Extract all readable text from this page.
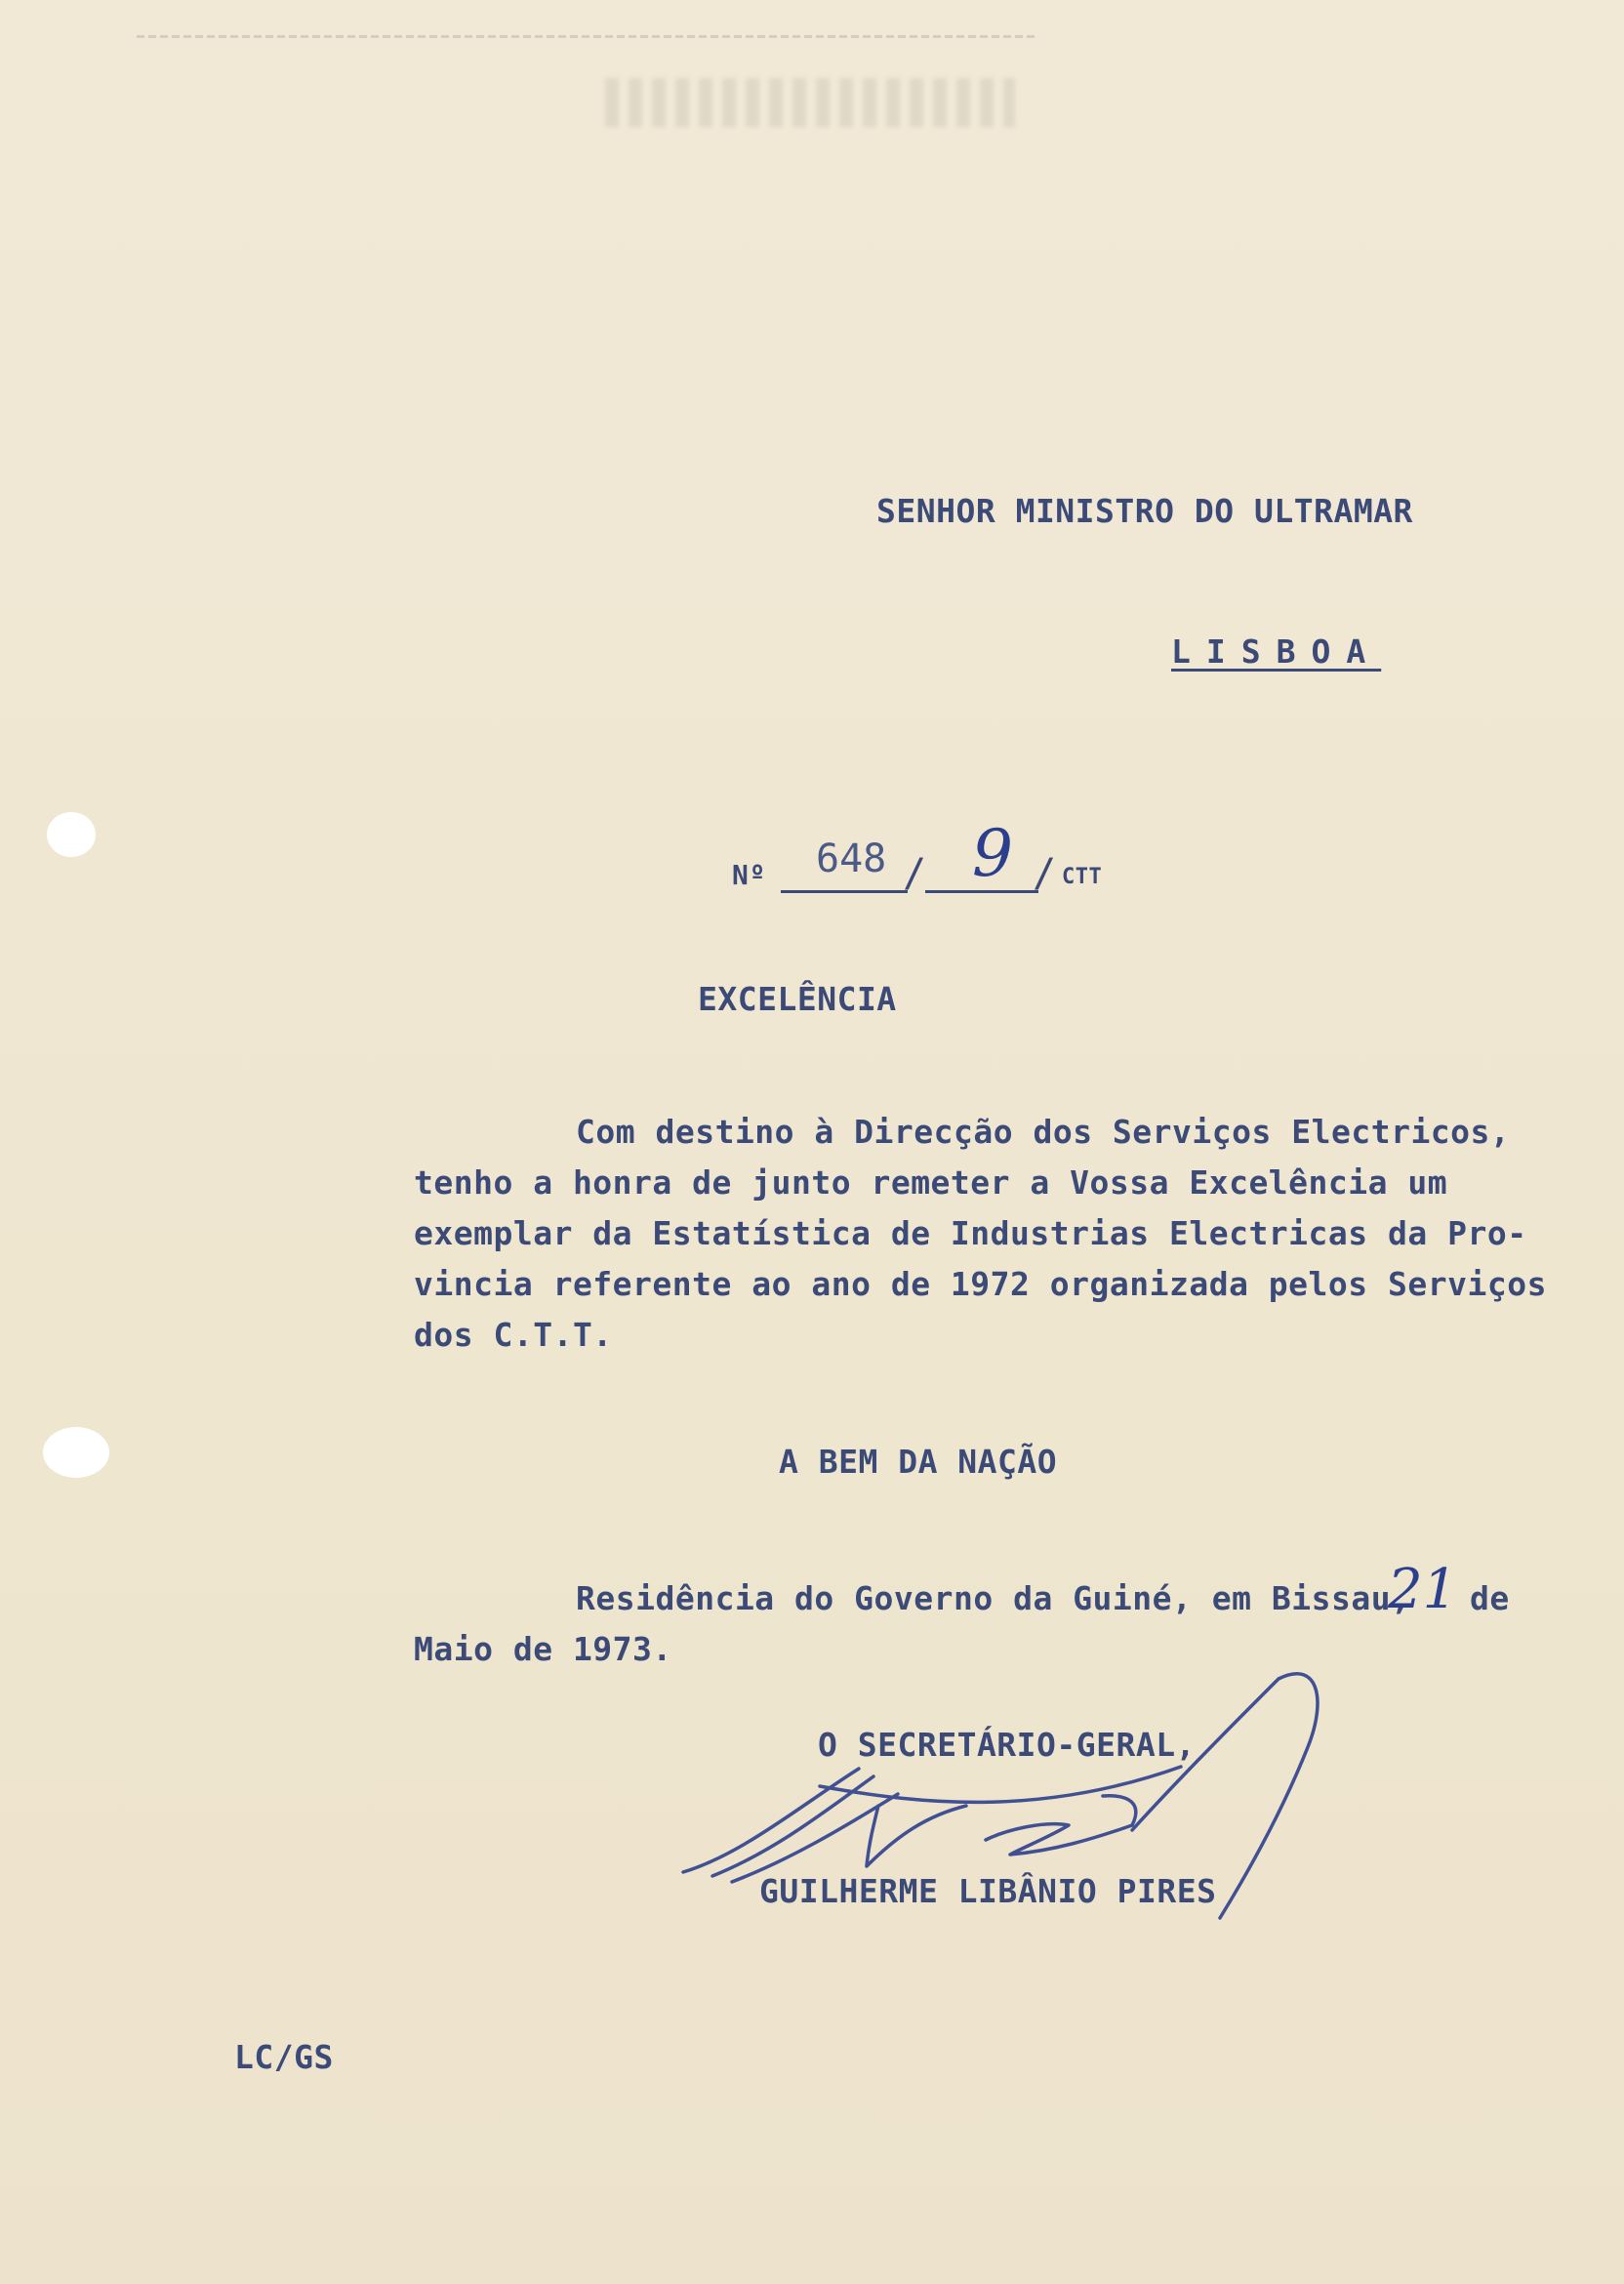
SENHOR MINISTRO DO ULTRAMAR
LISBOA
Nº 648 / 9 / CTT
EXCELÊNCIA
Com destino à Direcção dos Serviços Electricos,
tenho a honra de junto remeter a Vossa Excelência um
exemplar da Estatística de Industrias Electricas da Pro-
vincia referente ao ano de 1972 organizada pelos Serviços
dos C.T.T.
A BEM DA NAÇÃO
Residência do Governo da Guiné, em Bissau,
21 de
Maio de 1973.
O SECRETÁRIO-GERAL,
GUILHERME LIBÂNIO PIRES
LC/GS
